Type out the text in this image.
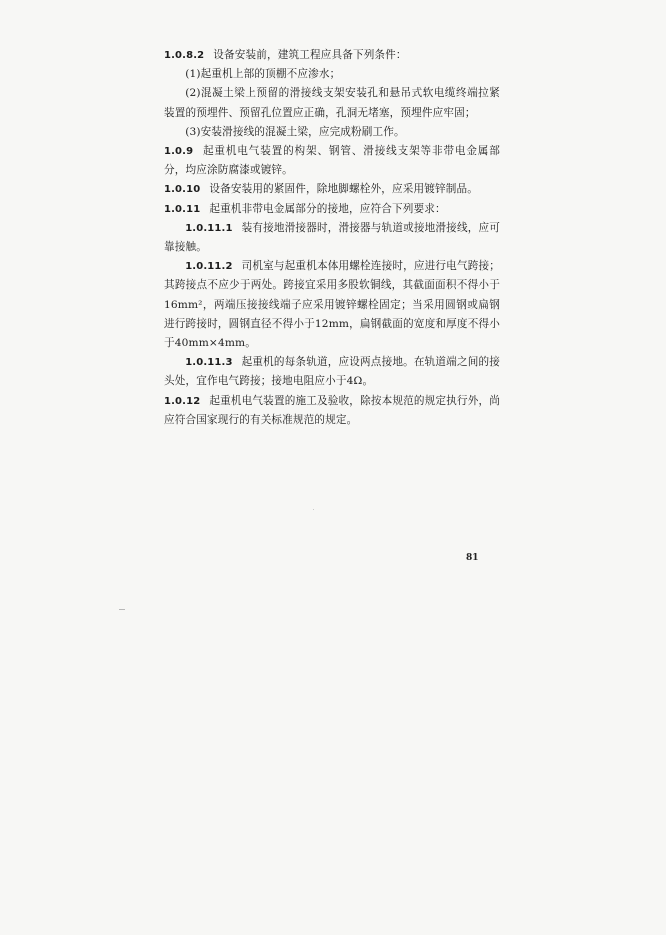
1.0.8.2 设备安装前，建筑工程应具备下列条件：

(1)起重机上部的顶棚不应渗水；

(2)混凝土梁上预留的滑接线支架安装孔和悬吊式软电缆终端拉紧装置的预埋件、预留孔位置应正确，孔洞无堵塞，预埋件应牢固；

(3)安装滑接线的混凝土梁，应完成粉刷工作。

1.0.9 起重机电气装置的构架、钢管、滑接线支架等非带电金属部分，均应涂防腐漆或镀锌。

1.0.10 设备安装用的紧固件，除地脚螺栓外，应采用镀锌制品。

1.0.11 起重机非带电金属部分的接地，应符合下列要求：

1.0.11.1 装有接地滑接器时，滑接器与轨道或接地滑接线，应可靠接触。

1.0.11.2 司机室与起重机本体用螺栓连接时，应进行电气跨接；其跨接点不应少于两处。跨接宜采用多股软铜线，其截面面积不得小于16mm²，两端压接接线端子应采用镀锌螺栓固定；当采用圆钢或扁钢进行跨接时，圆钢直径不得小于12mm，扁钢截面的宽度和厚度不得小于40mm×4mm。

1.0.11.3 起重机的每条轨道，应设两点接地。在轨道端之间的接头处，宜作电气跨接；接地电阻应小于4Ω。

1.0.12 起重机电气装置的施工及验收，除按本规范的规定执行外，尚应符合国家现行的有关标准规范的规定。

81
